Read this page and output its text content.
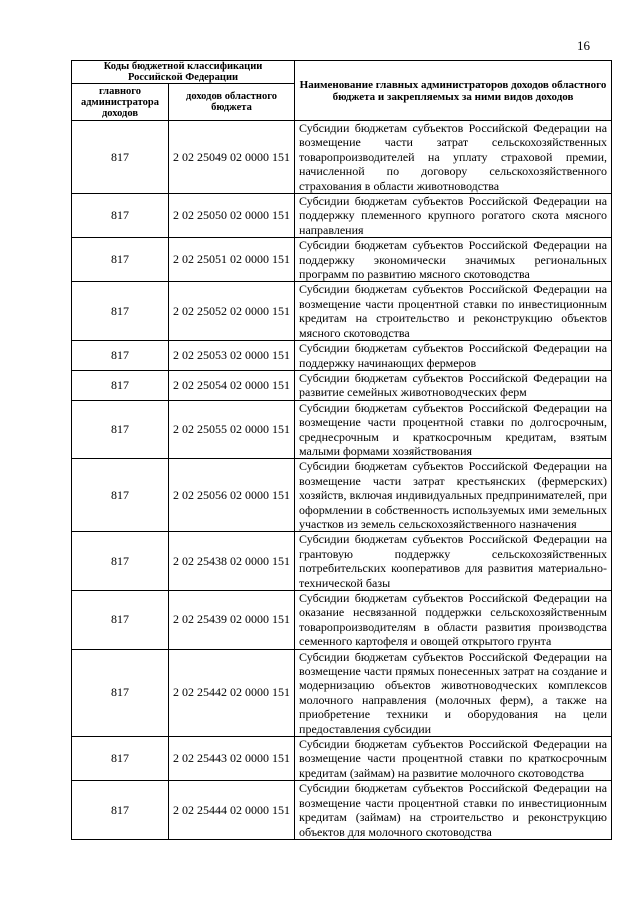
16
Коды бюджетной классификации Российской Федерации		Наименование главных администраторов доходов областного бюджета и закрепляемых за ними видов доходов
главного администратора доходов	доходов областного бюджета	
817	2 02 25049 02 0000 151	Субсидии бюджетам субъектов Российской Федерации на возмещение части затрат сельскохозяйственных товаропроизводителей на уплату страховой премии, начисленной по договору сельскохозяйственного страхования в области животноводства
817	2 02 25050 02 0000 151	Субсидии бюджетам субъектов Российской Федерации на поддержку племенного крупного рогатого скота мясного направления
817	2 02 25051 02 0000 151	Субсидии бюджетам субъектов Российской Федерации на поддержку экономически значимых региональных программ по развитию мясного скотоводства
817	2 02 25052 02 0000 151	Субсидии бюджетам субъектов Российской Федерации на возмещение части процентной ставки по инвестиционным кредитам на строительство и реконструкцию объектов мясного скотоводства
817	2 02 25053 02 0000 151	Субсидии бюджетам субъектов Российской Федерации на поддержку начинающих фермеров
817	2 02 25054 02 0000 151	Субсидии бюджетам субъектов Российской Федерации на развитие семейных животноводческих ферм
817	2 02 25055 02 0000 151	Субсидии бюджетам субъектов Российской Федерации на возмещение части процентной ставки по долгосрочным, среднесрочным и краткосрочным кредитам, взятым малыми формами хозяйствования
817	2 02 25056 02 0000 151	Субсидии бюджетам субъектов Российской Федерации на возмещение части затрат крестьянских (фермерских) хозяйств, включая индивидуальных предпринимателей, при оформлении в собственность используемых ими земельных участков из земель сельскохозяйственного назначения
817	2 02 25438 02 0000 151	Субсидии бюджетам субъектов Российской Федерации на грантовую поддержку сельскохозяйственных потребительских кооперативов для развития материально-технической базы
817	2 02 25439 02 0000 151	Субсидии бюджетам субъектов Российской Федерации на оказание несвязанной поддержки сельскохозяйственным товаропроизводителям в области развития производства семенного картофеля и овощей открытого грунта
817	2 02 25442 02 0000 151	Субсидии бюджетам субъектов Российской Федерации на возмещение части прямых понесенных затрат на создание и модернизацию объектов животноводческих комплексов молочного направления (молочных ферм), а также на приобретение техники и оборудования на цели предоставления субсидии
817	2 02 25443 02 0000 151	Субсидии бюджетам субъектов Российской Федерации на возмещение части процентной ставки по краткосрочным кредитам (займам) на развитие молочного скотоводства
817	2 02 25444 02 0000 151	Субсидии бюджетам субъектов Российской Федерации на возмещение части процентной ставки по инвестиционным кредитам (займам) на строительство и реконструкцию объектов для молочного скотоводства
